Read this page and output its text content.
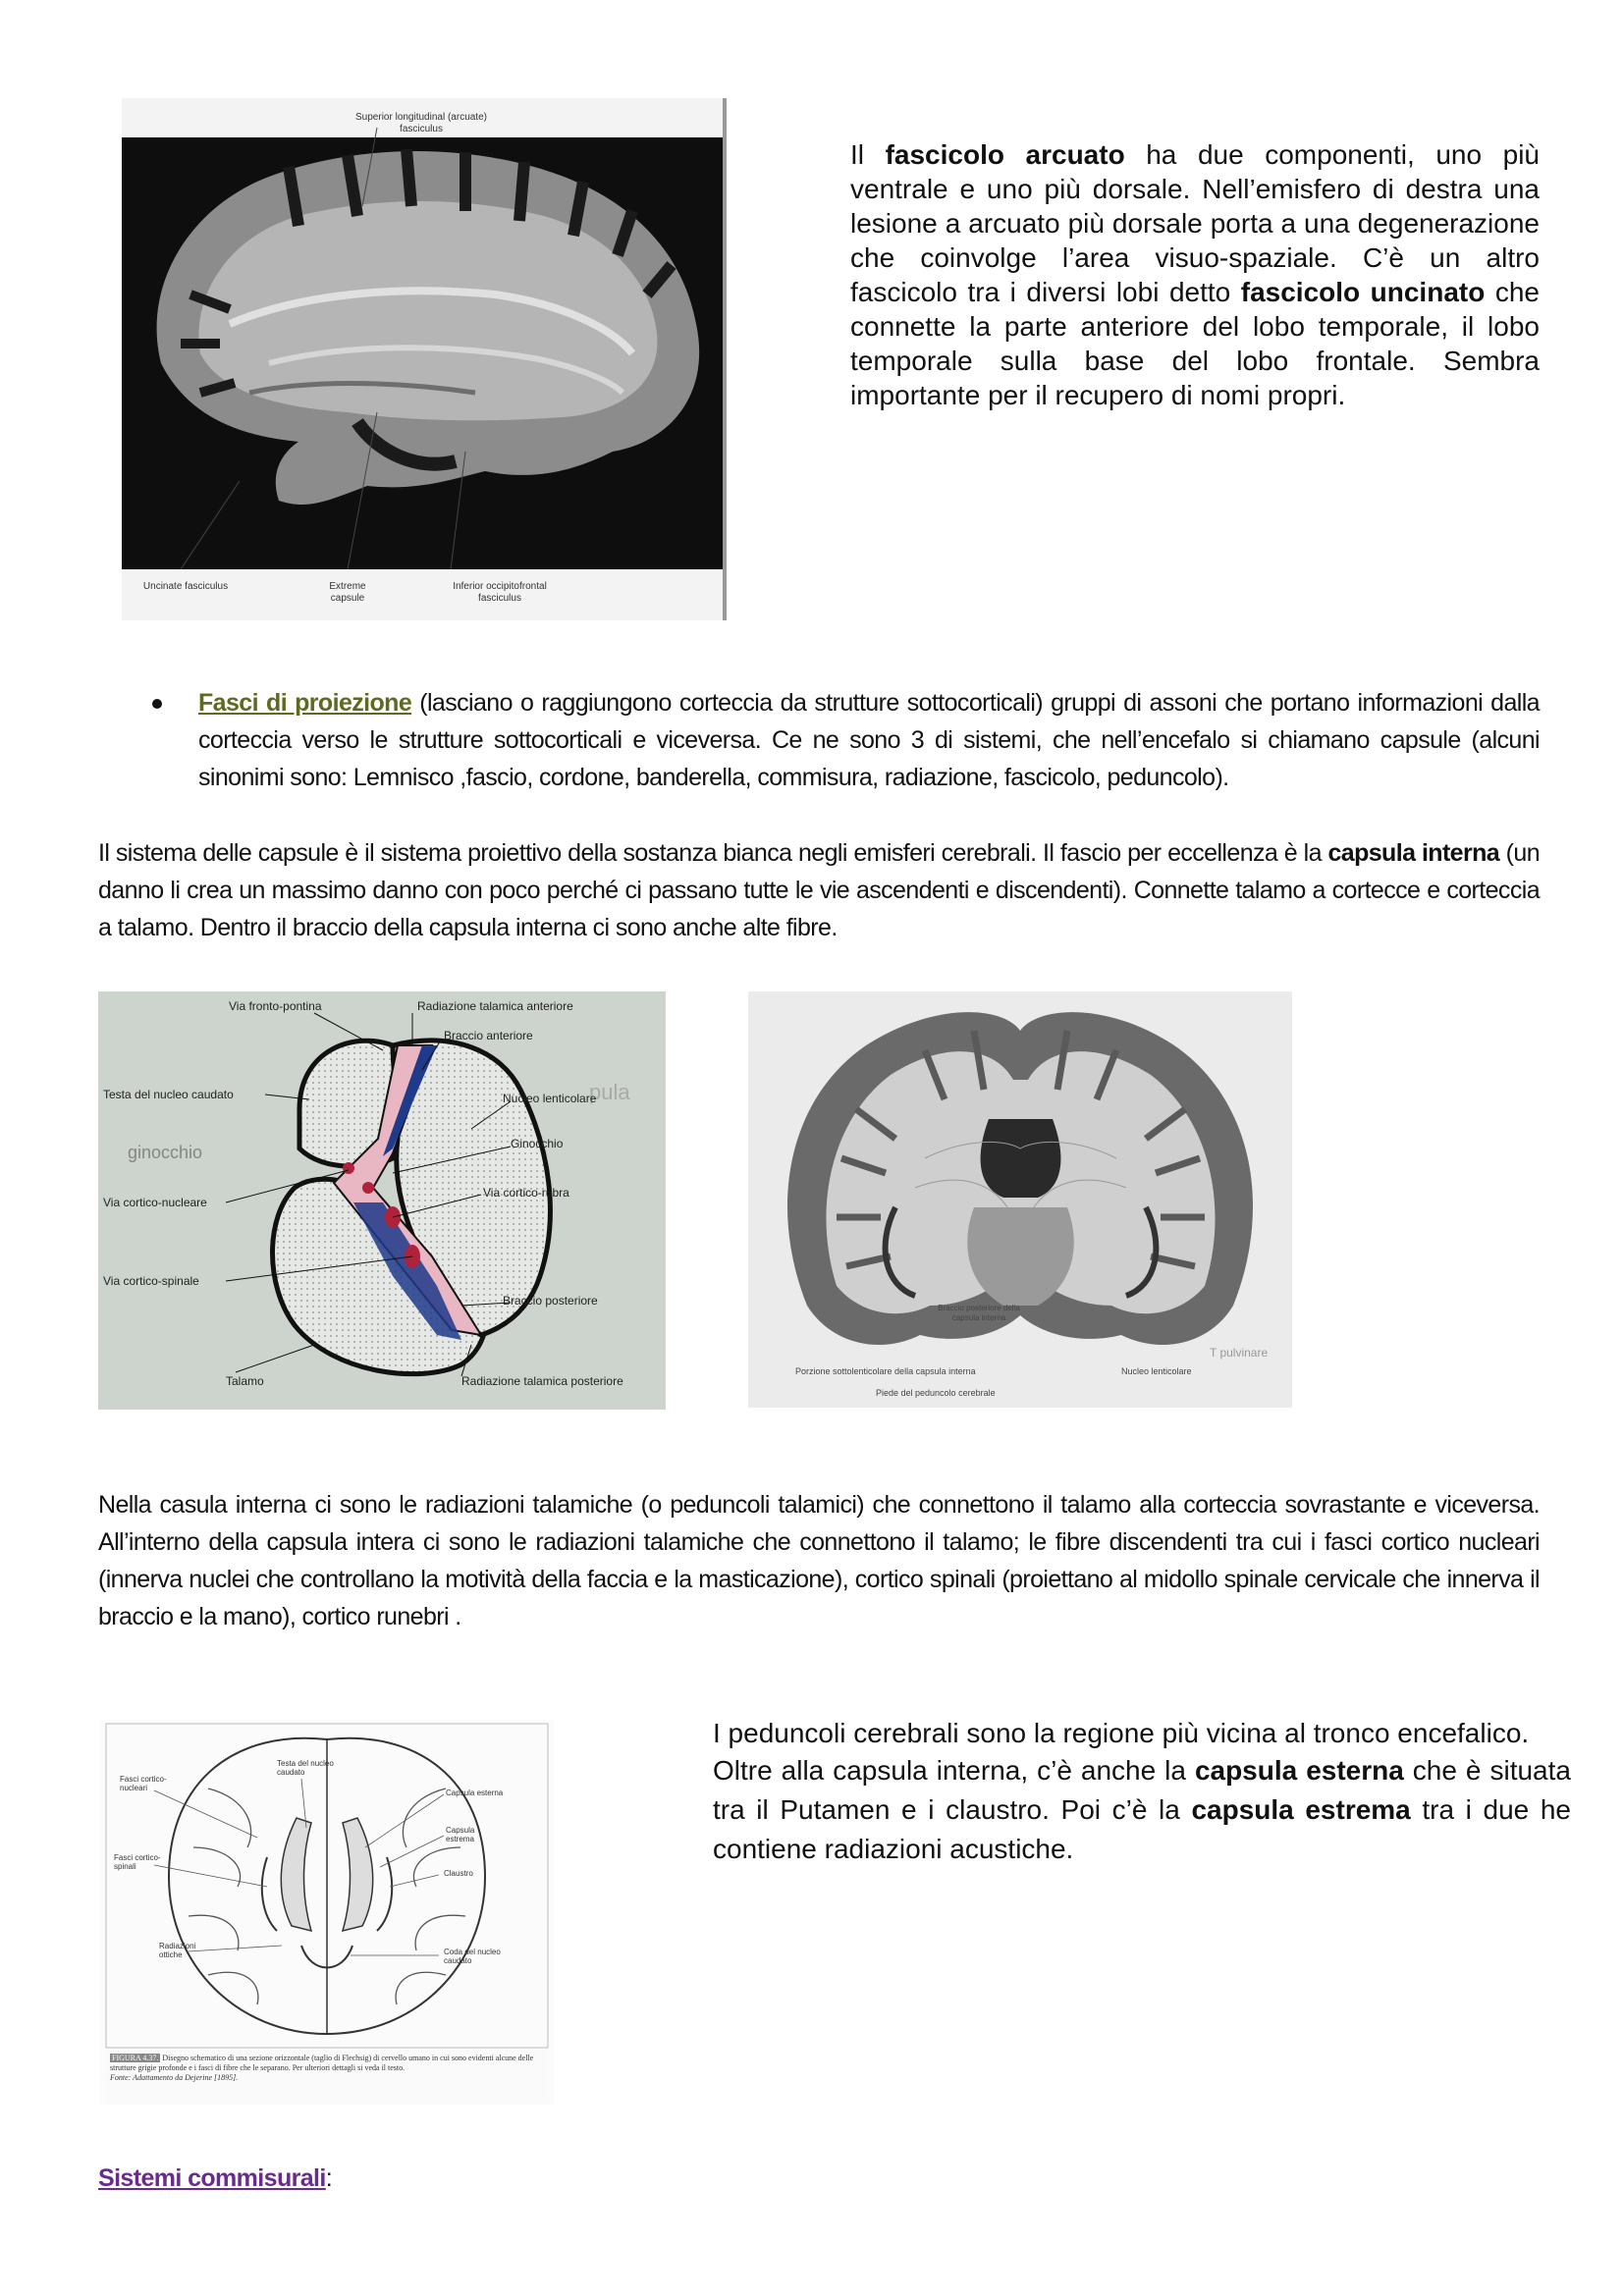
Superior longitudinal (arcuate) fasciculus
Uncinate fasciculus	Extreme capsule
Inferior occipitofrontal fasciculus
Il fascicolo arcuato ha due componenti, uno più ventrale e uno più dorsale. Nell’emisfero di destra una lesione a arcuato più dorsale porta a una degenerazione che coinvolge l’area visuo-spaziale. C’è un altro fascicolo tra i diversi lobi detto fascicolo uncinato che connette la parte anteriore del lobo temporale, il lobo temporale sulla base del lobo frontale. Sembra importante per il recupero di nomi propri.
Fasci di proiezione (lasciano o raggiungono corteccia da strutture sottocorticali) gruppi di assoni che portano informazioni dalla corteccia verso le strutture sottocorticali e viceversa. Ce ne sono 3 di sistemi, che nell’encefalo si chiamano capsule (alcuni sinonimi sono: Lemnisco ,fascio, cordone, banderella, commisura, radiazione, fascicolo, peduncolo).
Il sistema delle capsule è il sistema proiettivo della sostanza bianca negli emisferi cerebrali. Il fascio per eccellenza è la capsula interna (un danno li crea un massimo danno con poco perché ci passano tutte le vie ascendenti e discendenti). Connette talamo a cortecce e corteccia a talamo. Dentro il braccio della capsula interna ci sono anche alte fibre.
pula
ginocchio
Via fronto-pontina	Radiazione talamica anteriore
Braccio anteriore
Testa del nucleo caudato	Nucleo lenticolare
Ginocchio
Via cortico-nucleare
Via cortico-rubra
Via cortico-spinale
Braccio posteriore
Talamo	Radiazione talamica posteriore
T pulvinare
Braccio posteriore della capsula interna
Porzione sottolenticolare della capsula interna	Nucleo lenticolare
Piede del peduncolo cerebrale
Nella casula interna ci sono le radiazioni talamiche (o peduncoli talamici) che connettono il talamo alla corteccia sovrastante e viceversa. All’interno della capsula intera ci sono le radiazioni talamiche che connettono il talamo; le fibre discendenti tra cui i fasci cortico nucleari (innerva nuclei che controllano la motività della faccia e la masticazione), cortico spinali (proiettano al midollo spinale cervicale che innerva il braccio e la mano), cortico runebri .
Fasci cortico-nucleari
Testa del nucleo caudato
Capsula esterna
Capsula estrema
Fasci cortico-spinali
Claustro
Radiazioni ottiche	Coda del nucleo caudato
FIGURA 4.37. Disegno schematico di una sezione orizzontale (taglio di Flechsig) di cervello umano in cui sono evidenti alcune delle strutture grigie profonde e i fasci di fibre che le separano. Per ulteriori dettagli si veda il testo.
Fonte: Adattamento da Dejerine [1895].
I peduncoli cerebrali sono la regione più vicina al tronco encefalico.
Oltre alla capsula interna, c’è anche la capsula esterna che è situata tra il Putamen e i claustro. Poi c’è la capsula estrema tra i due he contiene radiazioni acustiche.
Sistemi commisurali:
